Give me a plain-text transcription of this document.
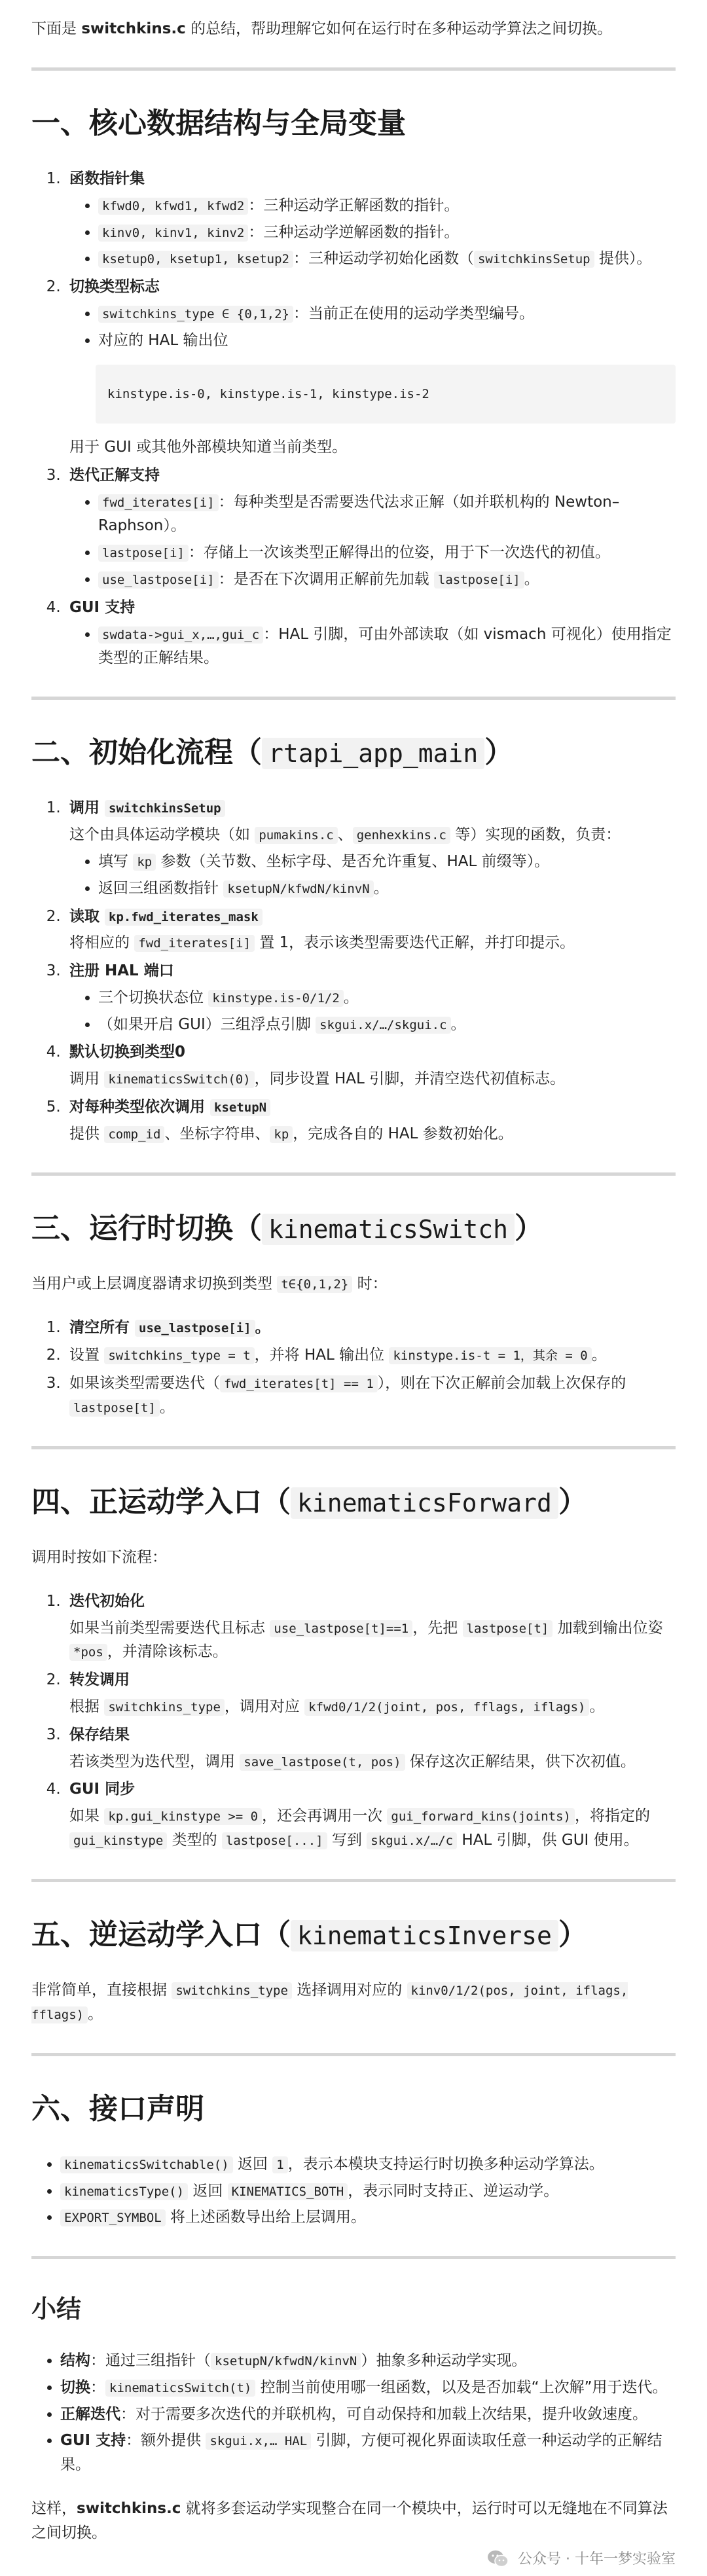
下面是 switchkins.c 的总结，帮助理解它如何在运行时在多种运动学算法之间切换。

一、核心数据结构与全局变量
1. 函数指针集
• kfwd0, kfwd1, kfwd2 ：三种运动学正解函数的指针。
• kinv0, kinv1, kinv2 ：三种运动学逆解函数的指针。
• ksetup0, ksetup1, ksetup2 ：三种运动学初始化函数（ switchkinsSetup 提供）。
2. 切换类型标志
• switchkins_type ∈ {0,1,2} ：当前正在使用的运动学类型编号。
• 对应的 HAL 输出位
kinstype.is-0, kinstype.is-1, kinstype.is-2

用于 GUI 或其他外部模块知道当前类型。

3. 迭代正解支持
• fwd_iterates[i] ：每种类型是否需要迭代法求正解（如并联机构的 Newton–Raphson）。
• lastpose[i] ：存储上一次该类型正解得出的位姿，用于下一次迭代的初值。
• use_lastpose[i] ：是否在下次调用正解前先加载 lastpose[i] 。
4. GUI 支持
• swdata->gui_x,…,gui_c ：HAL 引脚，可由外部读取（如 vismach 可视化）使用指定类型的正解结果。
二、初始化流程（ rtapi_app_main ）
1. 调用 switchkinsSetup

这个由具体运动学模块（如 pumakins.c 、 genhexkins.c 等）实现的函数，负责：

• 填写 kp 参数（关节数、坐标字母、是否允许重复、HAL 前缀等）。
• 返回三组函数指针 ksetupN/kfwdN/kinvN 。
2. 读取 kp.fwd_iterates_mask

将相应的 fwd_iterates[i] 置 1，表示该类型需要迭代正解，并打印提示。

3. 注册 HAL 端口
• 三个切换状态位 kinstype.is-0/1/2 。
• （如果开启 GUI）三组浮点引脚 skgui.x/…/skgui.c 。
4. 默认切换到类型0

调用 kinematicsSwitch(0) ，同步设置 HAL 引脚，并清空迭代初值标志。

5. 对每种类型依次调用 ksetupN

提供 comp_id 、坐标字符串、 kp ，完成各自的 HAL 参数初始化。

三、运行时切换（ kinematicsSwitch ）

当用户或上层调度器请求切换到类型 t∈{0,1,2} 时：

1. 清空所有 use_lastpose[i] 。
2. 设置 switchkins_type = t ，并将 HAL 输出位 kinstype.is-t = 1，其余 = 0 。
3. 如果该类型需要迭代（ fwd_iterates[t] == 1 ），则在下次正解前会加载上次保存的 lastpose[t] 。
四、正运动学入口（ kinematicsForward ）

调用时按如下流程：

1. 迭代初始化

如果当前类型需要迭代且标志 use_lastpose[t]==1 ，先把 lastpose[t] 加载到输出位姿 *pos ，并清除该标志。

2. 转发调用

根据 switchkins_type ，调用对应 kfwd0/1/2(joint, pos, fflags, iflags) 。

3. 保存结果

若该类型为迭代型，调用 save_lastpose(t, pos) 保存这次正解结果，供下次初值。

4. GUI 同步

如果 kp.gui_kinstype >= 0 ，还会再调用一次 gui_forward_kins(joints) ，将指定的 gui_kinstype 类型的 lastpose[...] 写到 skgui.x/…/c HAL 引脚，供 GUI 使用。

五、逆运动学入口（ kinematicsInverse ）

非常简单，直接根据 switchkins_type 选择调用对应的 kinv0/1/2(pos, joint, iflags, fflags) 。

六、接口声明
• kinematicsSwitchable() 返回 1 ，表示本模块支持运行时切换多种运动学算法。
• kinematicsType() 返回 KINEMATICS_BOTH ，表示同时支持正、逆运动学。
• EXPORT_SYMBOL 将上述函数导出给上层调用。
小结
• 结构：通过三组指针（ ksetupN/kfwdN/kinvN ）抽象多种运动学实现。
• 切换： kinematicsSwitch(t) 控制当前使用哪一组函数，以及是否加载“上次解”用于迭代。
• 正解迭代：对于需要多次迭代的并联机构，可自动保持和加载上次结果，提升收敛速度。
• GUI 支持：额外提供 skgui.x,… HAL 引脚，方便可视化界面读取任意一种运动学的正解结果。

这样，switchkins.c 就将多套运动学实现整合在同一个模块中，运行时可以无缝地在不同算法之间切换。

公众号 · 十年一梦实验室
